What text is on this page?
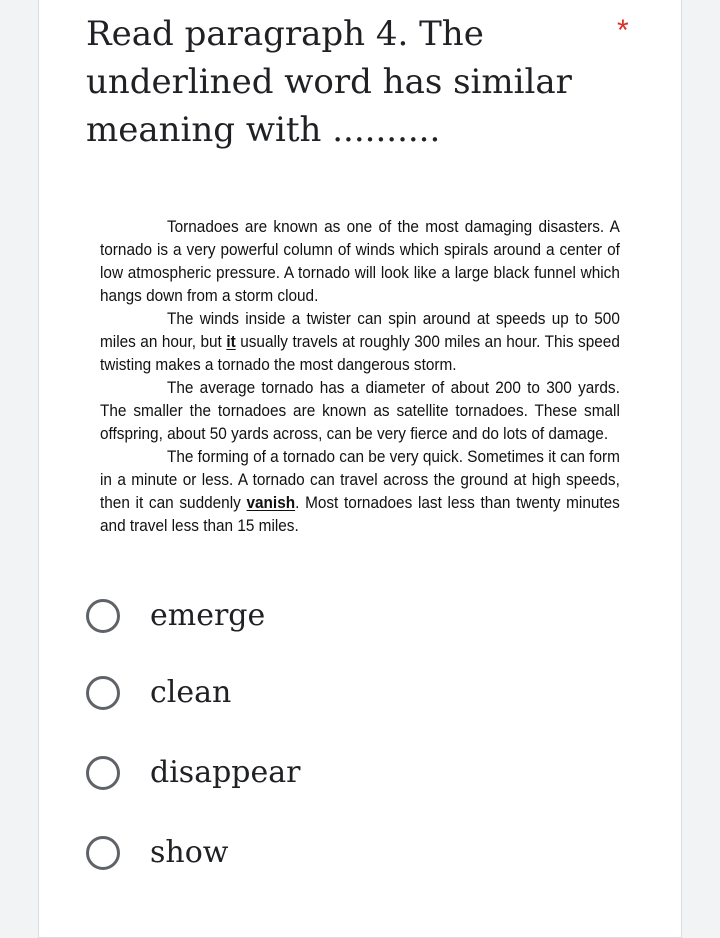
Read paragraph 4. The underlined word has similar meaning with ..........
*

Tornadoes are known as one of the most damaging disasters. A tornado is a very powerful column of winds which spirals around a center of low atmospheric pressure. A tornado will look like a large black funnel which hangs down from a storm cloud.

The winds inside a twister can spin around at speeds up to 500 miles an hour, but it usually travels at roughly 300 miles an hour. This speed twisting makes a tornado the most dangerous storm.

The average tornado has a diameter of about 200 to 300 yards. The smaller the tornadoes are known as satellite tornadoes. These small offspring, about 50 yards across, can be very fierce and do lots of damage.

The forming of a tornado can be very quick. Sometimes it can form in a minute or less. A tornado can travel across the ground at high speeds, then it can suddenly vanish. Most tornadoes last less than twenty minutes and travel less than 15 miles.

emerge
clean
disappear
show
